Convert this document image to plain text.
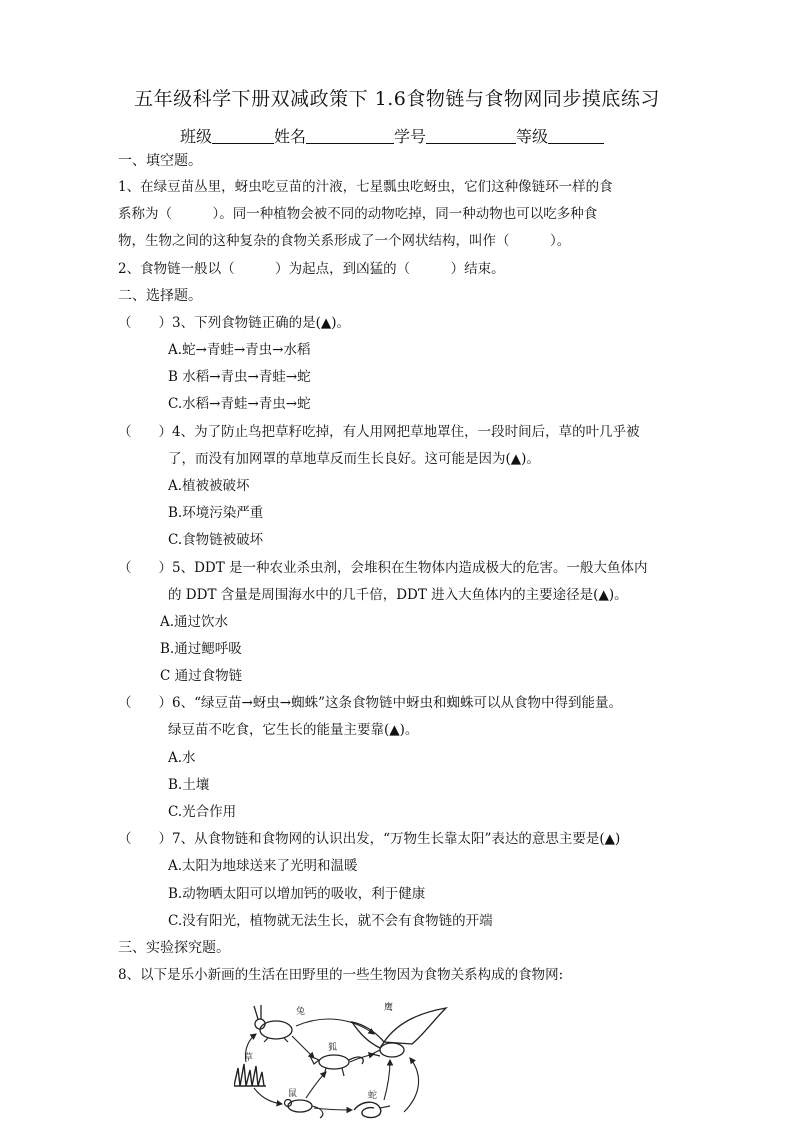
五年级科学下册双减政策下 1.6食物链与食物网同步摸底练习
班级	姓名	学号	等级
一、填空题。
1、在绿豆苗丛里，蚜虫吃豆苗的汁液，七星瓢虫吃蚜虫，它们这种像链环一样的食
系称为（　　　）。同一种植物会被不同的动物吃掉，同一种动物也可以吃多种食
物，生物之间的这种复杂的食物关系形成了一个网状结构，叫作（　　　）。
2、食物链一般以（　　　）为起点，到凶猛的（　　　）结束。
二、选择题。
（　　）3、下列食物链正确的是(▲)。
A.蛇→青蛙→青虫→水稻
B 水稻→青虫→青蛙→蛇
C.水稻→青蛙→青虫→蛇
（　　）4、为了防止鸟把草籽吃掉，有人用网把草地罩住，一段时间后，草的叶几乎被
了，而没有加网罩的草地草反而生长良好。这可能是因为(▲)。
A.植被被破坏
B.环境污染严重
C.食物链被破坏
（　　）5、DDT 是一种农业杀虫剂，会堆积在生物体内造成极大的危害。一般大鱼体内
的 DDT 含量是周围海水中的几千倍，DDT 进入大鱼体内的主要途径是(▲)。
A.通过饮水
B.通过鳃呼吸
C 通过食物链
（　　）6、“绿豆苗→蚜虫→蜘蛛”这条食物链中蚜虫和蜘蛛可以从食物中得到能量。
绿豆苗不吃食，它生长的能量主要靠(▲)。
A.水
B.土壤
C.光合作用
（　　）7、从食物链和食物网的认识出发，“万物生长靠太阳”表达的意思主要是(▲)
A.太阳为地球送来了光明和温暖
B.动物晒太阳可以增加钙的吸收，利于健康
C.没有阳光，植物就无法生长，就不会有食物链的开端
三、实验探究题。
8、以下是乐小新画的生活在田野里的一些生物因为食物关系构成的食物网:
兔	鹰
狐
草
鼠	蛇
